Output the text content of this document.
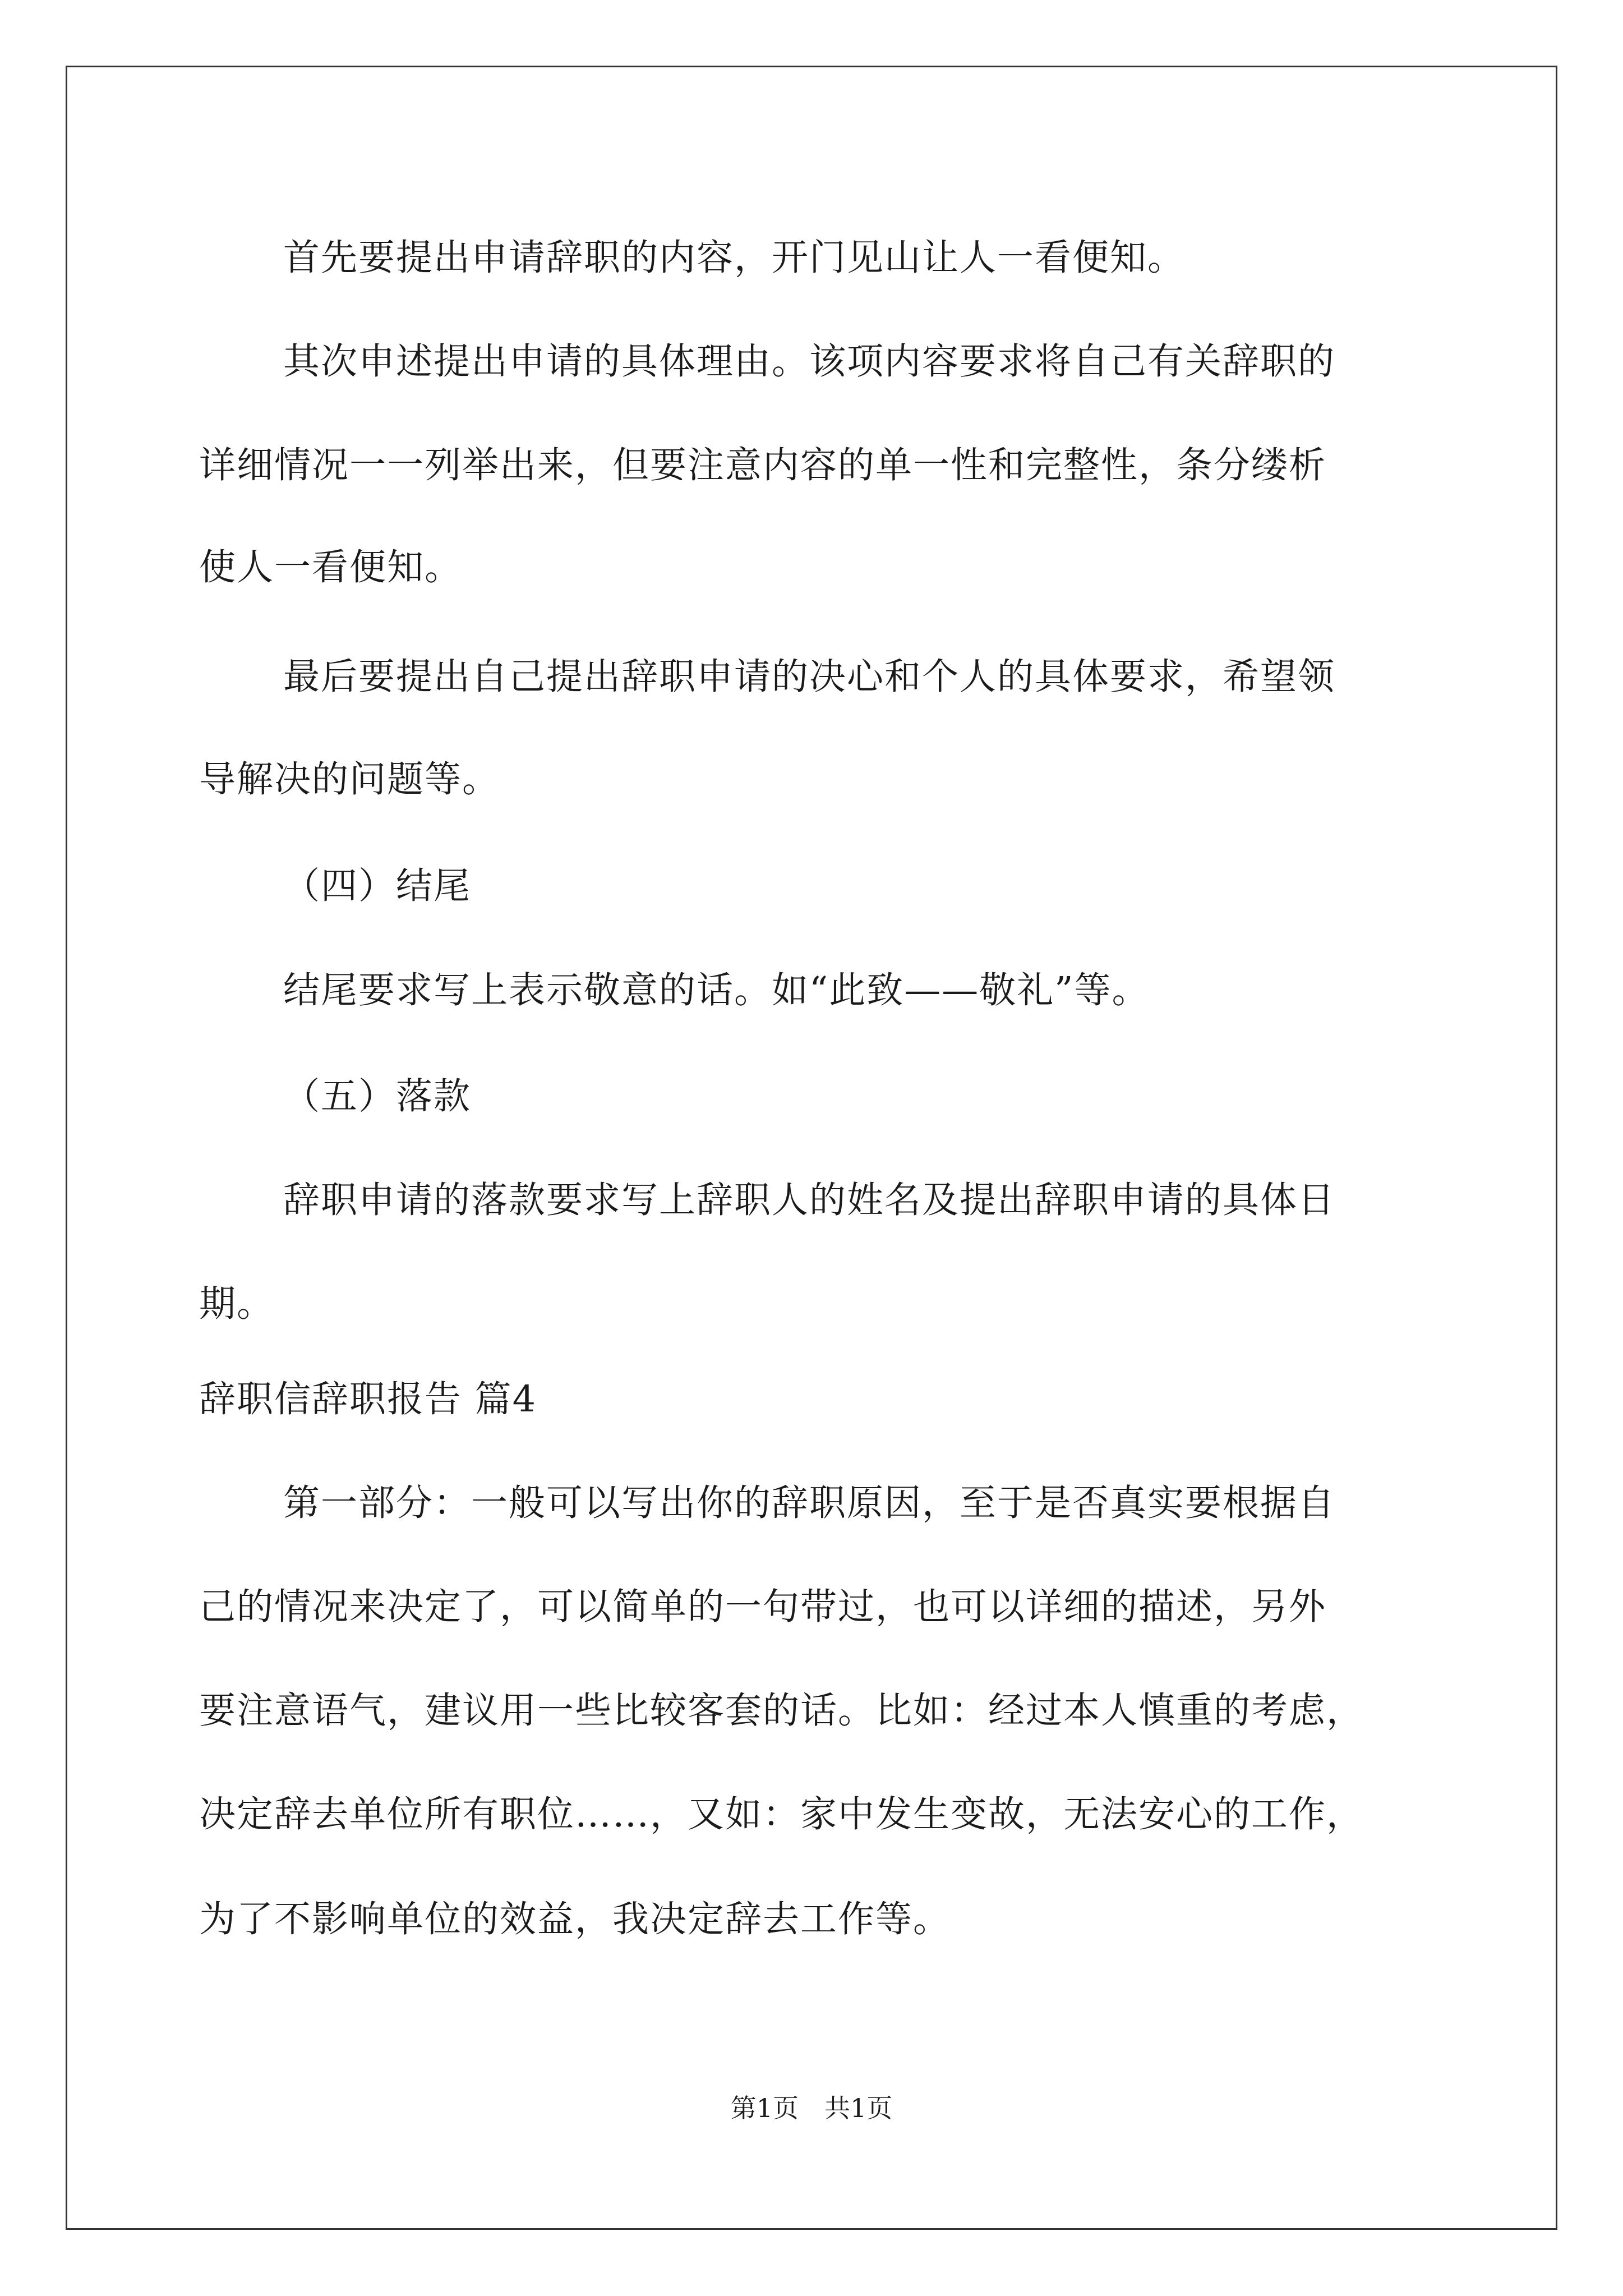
首先要提出申请辞职的内容，开门见山让人一看便知。
其次申述提出申请的具体理由。该项内容要求将自己有关辞职的
详细情况一一列举出来，但要注意内容的单一性和完整性，条分缕析
使人一看便知。
最后要提出自己提出辞职申请的决心和个人的具体要求，希望领
导解决的问题等。
（四）结尾
结尾要求写上表示敬意的话。如“此致——敬礼”等。
（五）落款
辞职申请的落款要求写上辞职人的姓名及提出辞职申请的具体日
期。
辞职信辞职报告 篇4
第一部分：一般可以写出你的辞职原因，至于是否真实要根据自
己的情况来决定了，可以简单的一句带过，也可以详细的描述，另外
要注意语气，建议用一些比较客套的话。比如：经过本人慎重的考虑，
决定辞去单位所有职位……，又如：家中发生变故，无法安心的工作，
为了不影响单位的效益，我决定辞去工作等。
第1页　共1页
